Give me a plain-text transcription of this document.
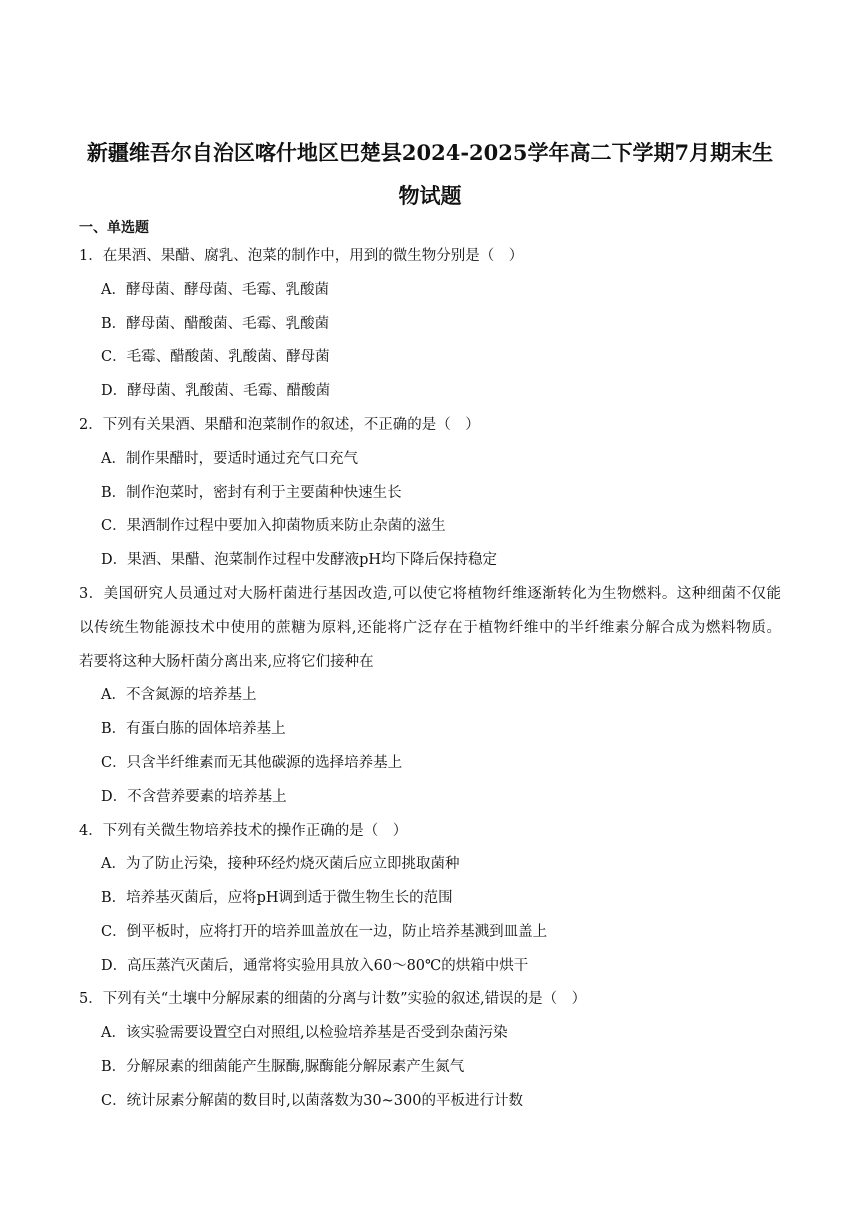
新疆维吾尔自治区喀什地区巴楚县2024-2025学年高二下学期7月期末生
物试题
一、单选题
1．在果酒、果醋、腐乳、泡菜的制作中，用到的微生物分别是（　）
A．酵母菌、酵母菌、毛霉、乳酸菌
B．酵母菌、醋酸菌、毛霉、乳酸菌
C．毛霉、醋酸菌、乳酸菌、酵母菌
D．酵母菌、乳酸菌、毛霉、醋酸菌
2．下列有关果酒、果醋和泡菜制作的叙述，不正确的是（　）
A．制作果醋时，要适时通过充气口充气
B．制作泡菜时，密封有利于主要菌种快速生长
C．果酒制作过程中要加入抑菌物质来防止杂菌的滋生
D．果酒、果醋、泡菜制作过程中发酵液pH均下降后保持稳定
3．美国研究人员通过对大肠杆菌进行基因改造,可以使它将植物纤维逐渐转化为生物燃料。这种细菌不仅能
以传统生物能源技术中使用的蔗糖为原料,还能将广泛存在于植物纤维中的半纤维素分解合成为燃料物质。
若要将这种大肠杆菌分离出来,应将它们接种在
A．不含氮源的培养基上
B．有蛋白胨的固体培养基上
C．只含半纤维素而无其他碳源的选择培养基上
D．不含营养要素的培养基上
4．下列有关微生物培养技术的操作正确的是（　）
A．为了防止污染，接种环经灼烧灭菌后应立即挑取菌种
B．培养基灭菌后，应将pH调到适于微生物生长的范围
C．倒平板时，应将打开的培养皿盖放在一边，防止培养基溅到皿盖上
D．高压蒸汽灭菌后，通常将实验用具放入60～80℃的烘箱中烘干
5．下列有关“土壤中分解尿素的细菌的分离与计数”实验的叙述,错误的是（　）
A．该实验需要设置空白对照组,以检验培养基是否受到杂菌污染
B．分解尿素的细菌能产生脲酶,脲酶能分解尿素产生氮气
C．统计尿素分解菌的数目时,以菌落数为30~300的平板进行计数
